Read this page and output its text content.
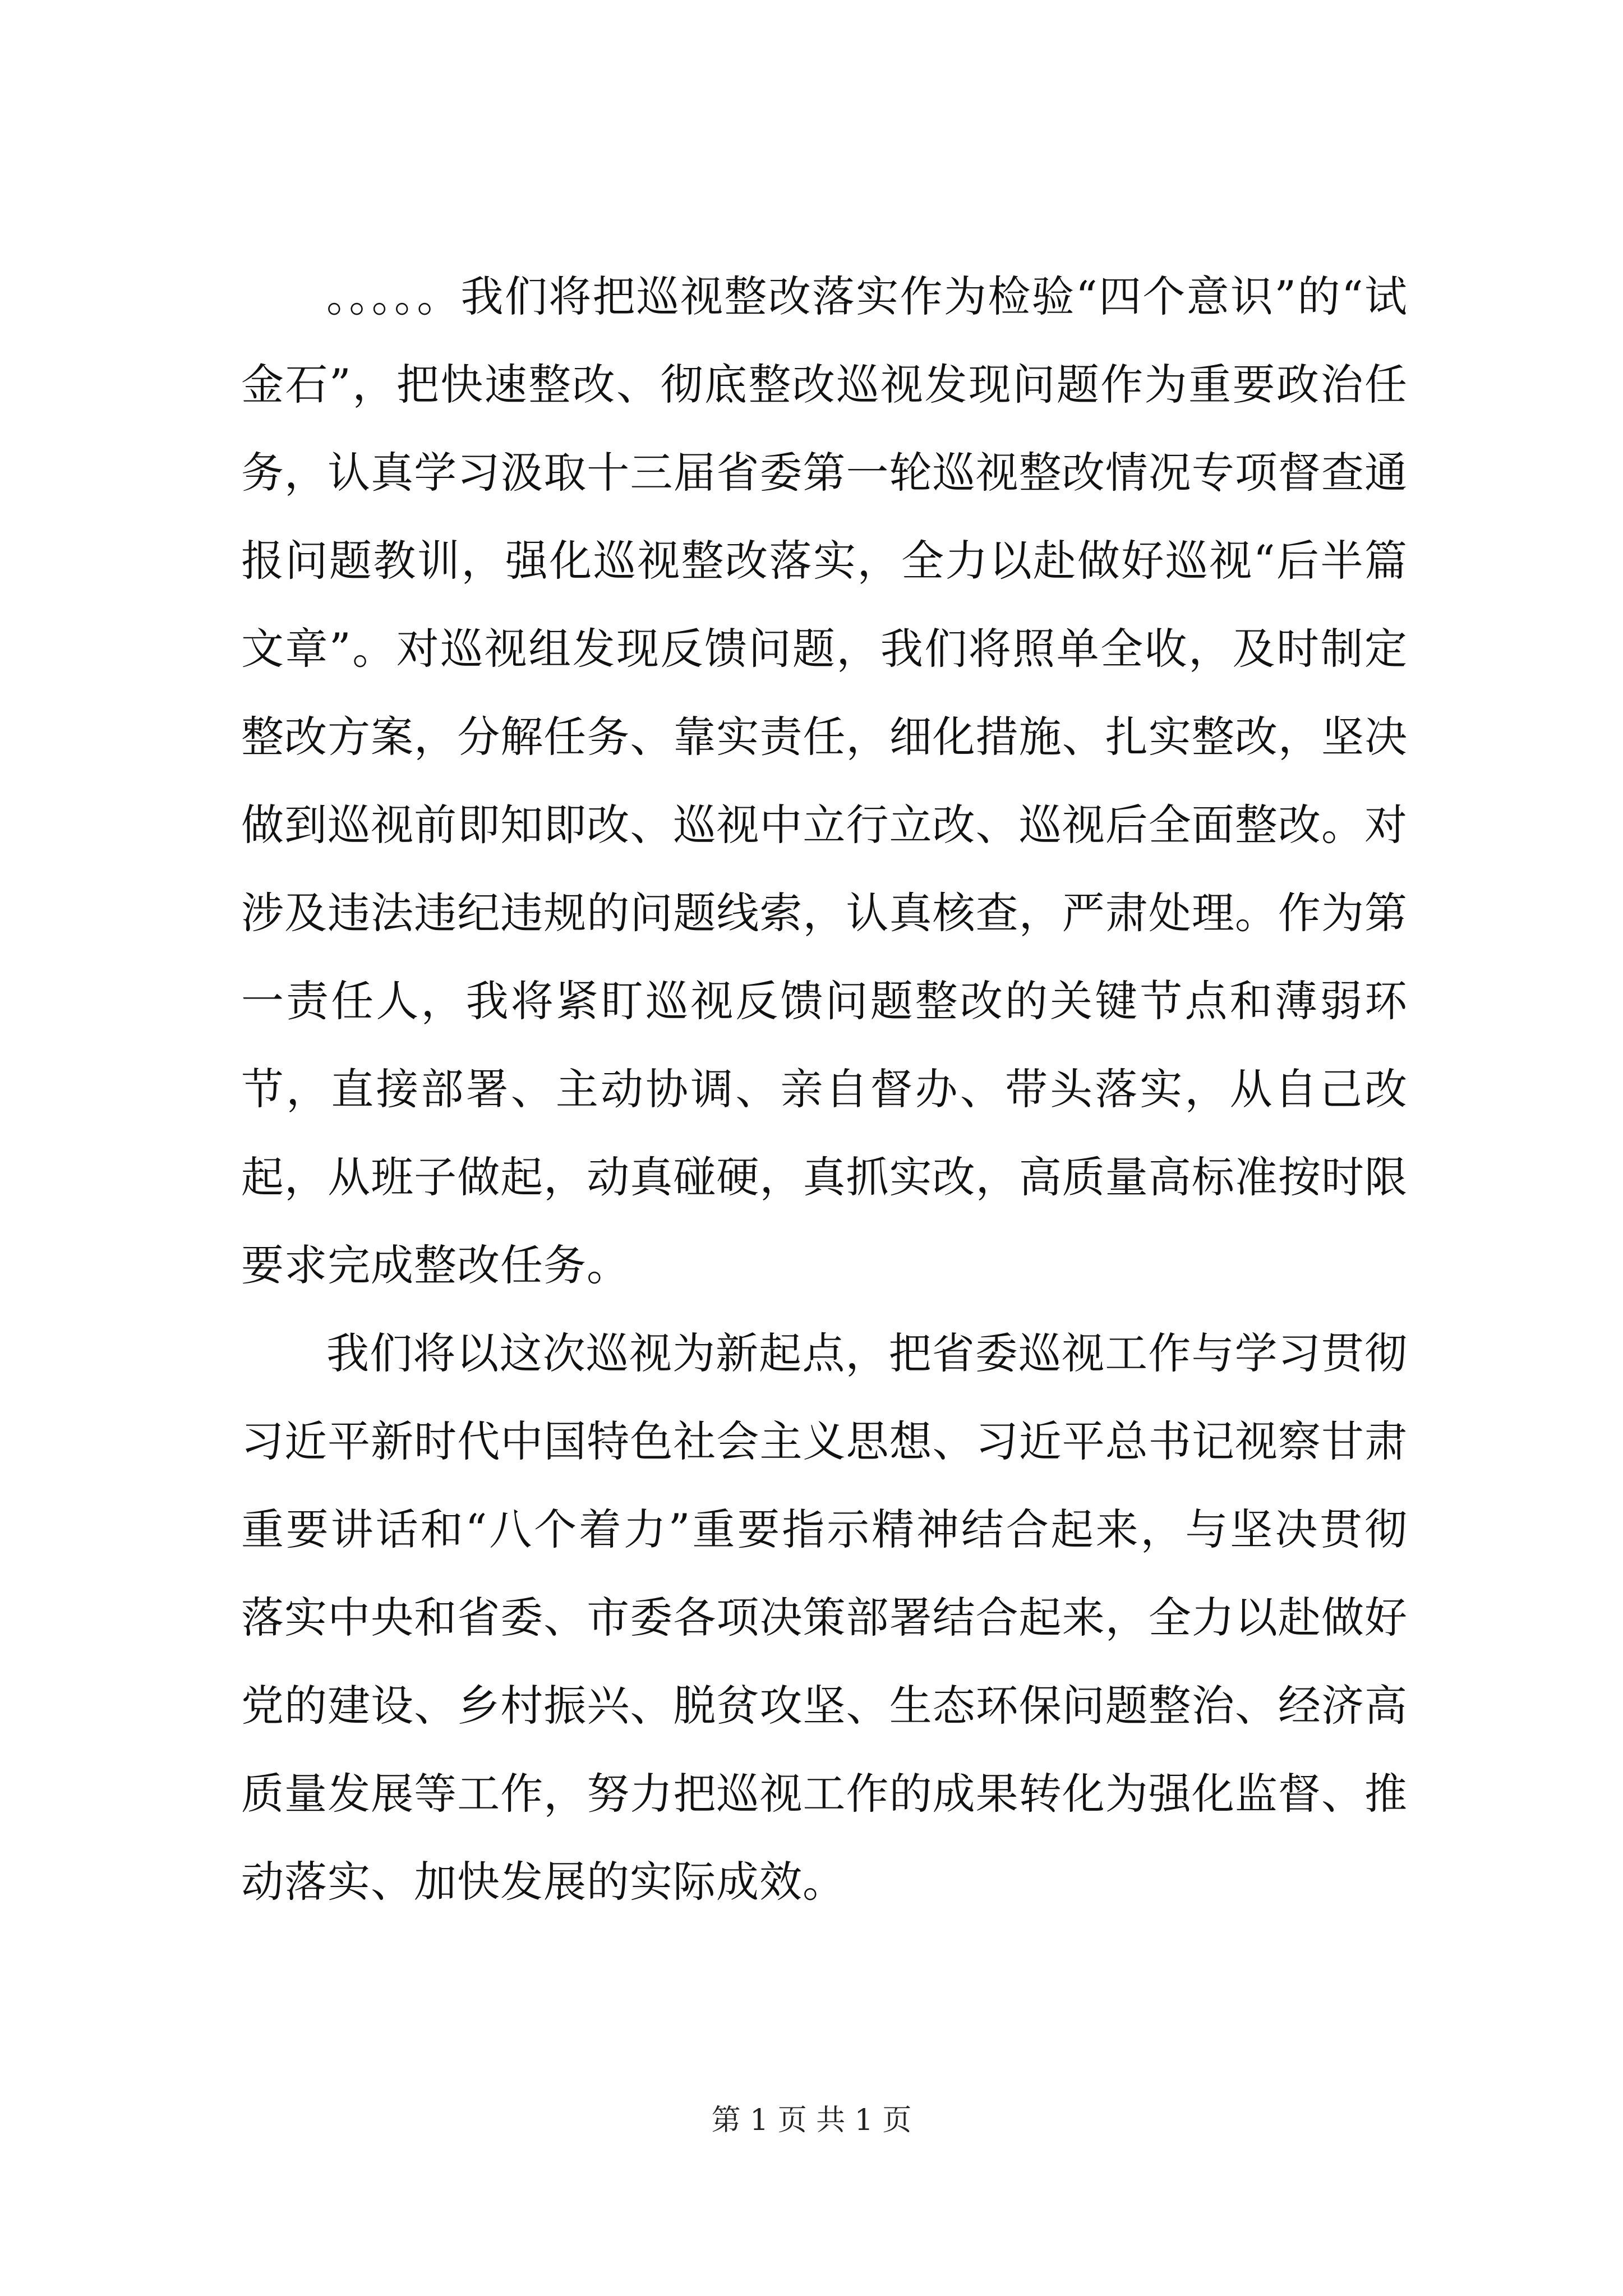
。。。。。我们将把巡视整改落实作为检验“四个意识”的“试金石”，把快速整改、彻底整改巡视发现问题作为重要政治任务，认真学习汲取十三届省委第一轮巡视整改情况专项督查通报问题教训，强化巡视整改落实，全力以赴做好巡视“后半篇文章”。对巡视组发现反馈问题，我们将照单全收，及时制定整改方案，分解任务、靠实责任，细化措施、扎实整改，坚决做到巡视前即知即改、巡视中立行立改、巡视后全面整改。对涉及违法违纪违规的问题线索，认真核查，严肃处理。作为第一责任人，我将紧盯巡视反馈问题整改的关键节点和薄弱环节，直接部署、主动协调、亲自督办、带头落实，从自己改起，从班子做起，动真碰硬，真抓实改，高质量高标准按时限要求完成整改任务。

我们将以这次巡视为新起点，把省委巡视工作与学习贯彻习近平新时代中国特色社会主义思想、习近平总书记视察甘肃重要讲话和“八个着力”重要指示精神结合起来，与坚决贯彻落实中央和省委、市委各项决策部署结合起来，全力以赴做好党的建设、乡村振兴、脱贫攻坚、生态环保问题整治、经济高质量发展等工作，努力把巡视工作的成果转化为强化监督、推动落实、加快发展的实际成效。

第 1 页 共 1 页
